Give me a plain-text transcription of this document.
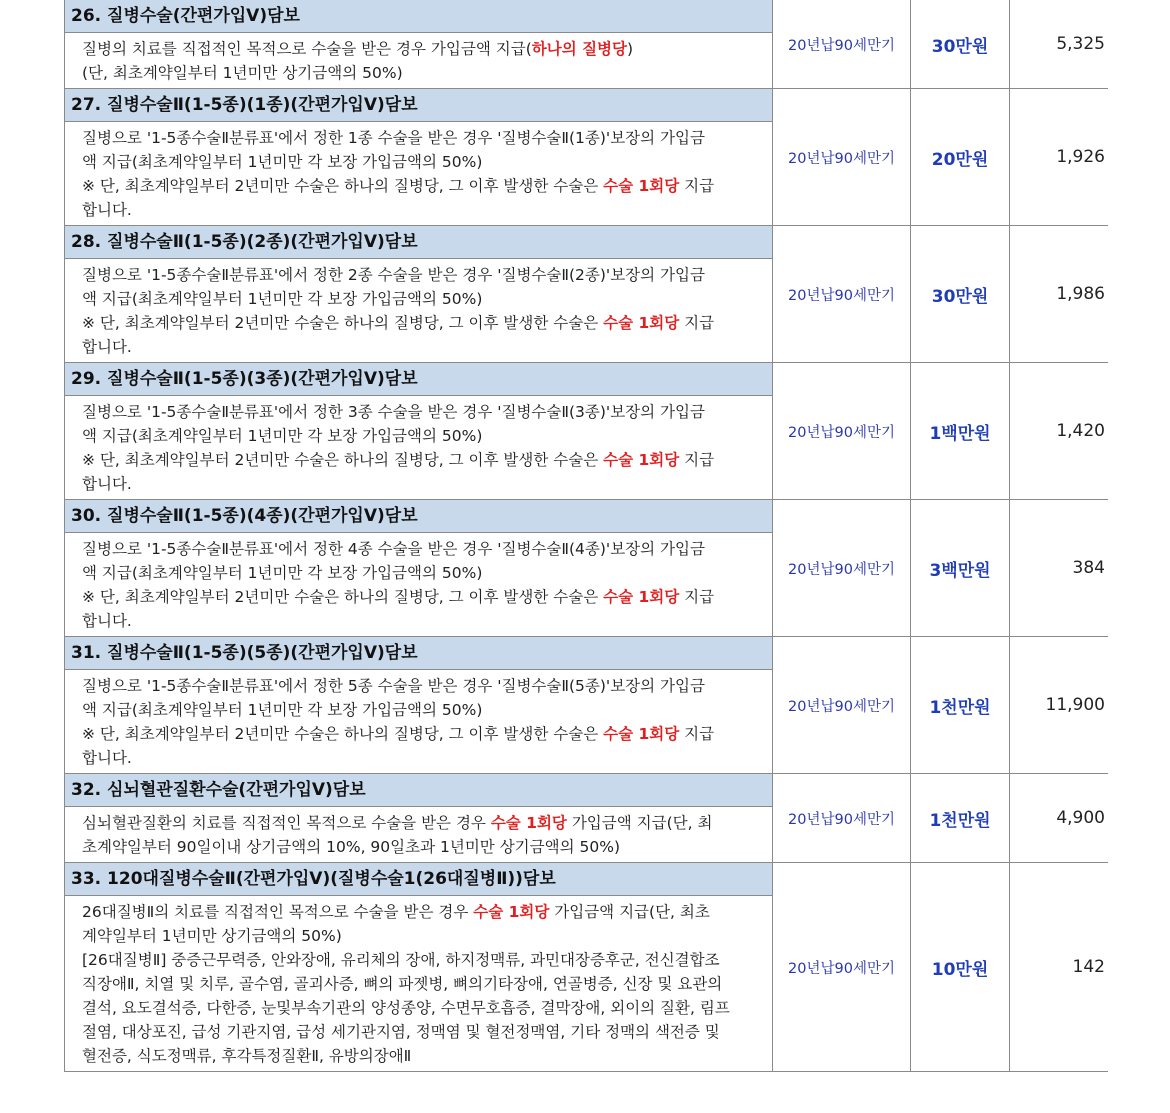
26. 질병수술(간편가입Ⅴ)담보

질병의 치료를 직접적인 목적으로 수술을 받은 경우 가입금액 지급(하나의 질병당)

(단, 최초계약일부터 1년미만 상기금액의 50%)

20년납90세만기	30만원	5,325
27. 질병수술Ⅱ(1-5종)(1종)(간편가입Ⅴ)담보

질병으로 '1-5종수술Ⅱ분류표'에서 정한 1종 수술을 받은 경우 '질병수술Ⅱ(1종)'보장의 가입금

액 지급(최초계약일부터 1년미만 각 보장 가입금액의 50%)

※ 단, 최초계약일부터 2년미만 수술은 하나의 질병당, 그 이후 발생한 수술은 수술 1회당 지급

합니다.

20년납90세만기	20만원	1,926
28. 질병수술Ⅱ(1-5종)(2종)(간편가입Ⅴ)담보

질병으로 '1-5종수술Ⅱ분류표'에서 정한 2종 수술을 받은 경우 '질병수술Ⅱ(2종)'보장의 가입금

액 지급(최초계약일부터 1년미만 각 보장 가입금액의 50%)

※ 단, 최초계약일부터 2년미만 수술은 하나의 질병당, 그 이후 발생한 수술은 수술 1회당 지급

합니다.

20년납90세만기	30만원	1,986
29. 질병수술Ⅱ(1-5종)(3종)(간편가입Ⅴ)담보

질병으로 '1-5종수술Ⅱ분류표'에서 정한 3종 수술을 받은 경우 '질병수술Ⅱ(3종)'보장의 가입금

액 지급(최초계약일부터 1년미만 각 보장 가입금액의 50%)

※ 단, 최초계약일부터 2년미만 수술은 하나의 질병당, 그 이후 발생한 수술은 수술 1회당 지급

합니다.

20년납90세만기	1백만원	1,420
30. 질병수술Ⅱ(1-5종)(4종)(간편가입Ⅴ)담보

질병으로 '1-5종수술Ⅱ분류표'에서 정한 4종 수술을 받은 경우 '질병수술Ⅱ(4종)'보장의 가입금

액 지급(최초계약일부터 1년미만 각 보장 가입금액의 50%)

※ 단, 최초계약일부터 2년미만 수술은 하나의 질병당, 그 이후 발생한 수술은 수술 1회당 지급

합니다.

20년납90세만기	3백만원	384
31. 질병수술Ⅱ(1-5종)(5종)(간편가입Ⅴ)담보

질병으로 '1-5종수술Ⅱ분류표'에서 정한 5종 수술을 받은 경우 '질병수술Ⅱ(5종)'보장의 가입금

액 지급(최초계약일부터 1년미만 각 보장 가입금액의 50%)

※ 단, 최초계약일부터 2년미만 수술은 하나의 질병당, 그 이후 발생한 수술은 수술 1회당 지급

합니다.

20년납90세만기	1천만원	11,900
32. 심뇌혈관질환수술(간편가입Ⅴ)담보

심뇌혈관질환의 치료를 직접적인 목적으로 수술을 받은 경우 수술 1회당 가입금액 지급(단, 최

초계약일부터 90일이내 상기금액의 10%, 90일초과 1년미만 상기금액의 50%)

20년납90세만기	1천만원	4,900
33. 120대질병수술Ⅱ(간편가입Ⅴ)(질병수술1(26대질병Ⅱ))담보

26대질병Ⅱ의 치료를 직접적인 목적으로 수술을 받은 경우 수술 1회당 가입금액 지급(단, 최초

계약일부터 1년미만 상기금액의 50%)

[26대질병Ⅱ] 중증근무력증, 안와장애, 유리체의 장애, 하지정맥류, 과민대장증후군, 전신결합조

직장애Ⅱ, 치열 및 치루, 골수염, 골괴사증, 뼈의 파젯병, 뼈의기타장애, 연골병증, 신장 및 요관의

결석, 요도결석증, 다한증, 눈및부속기관의 양성종양, 수면무호흡증, 결막장애, 외이의 질환, 림프

절염, 대상포진, 급성 기관지염, 급성 세기관지염, 정맥염 및 혈전정맥염, 기타 정맥의 색전증 및

혈전증, 식도정맥류, 후각특정질환Ⅱ, 유방의장애Ⅱ

20년납90세만기	10만원	142
